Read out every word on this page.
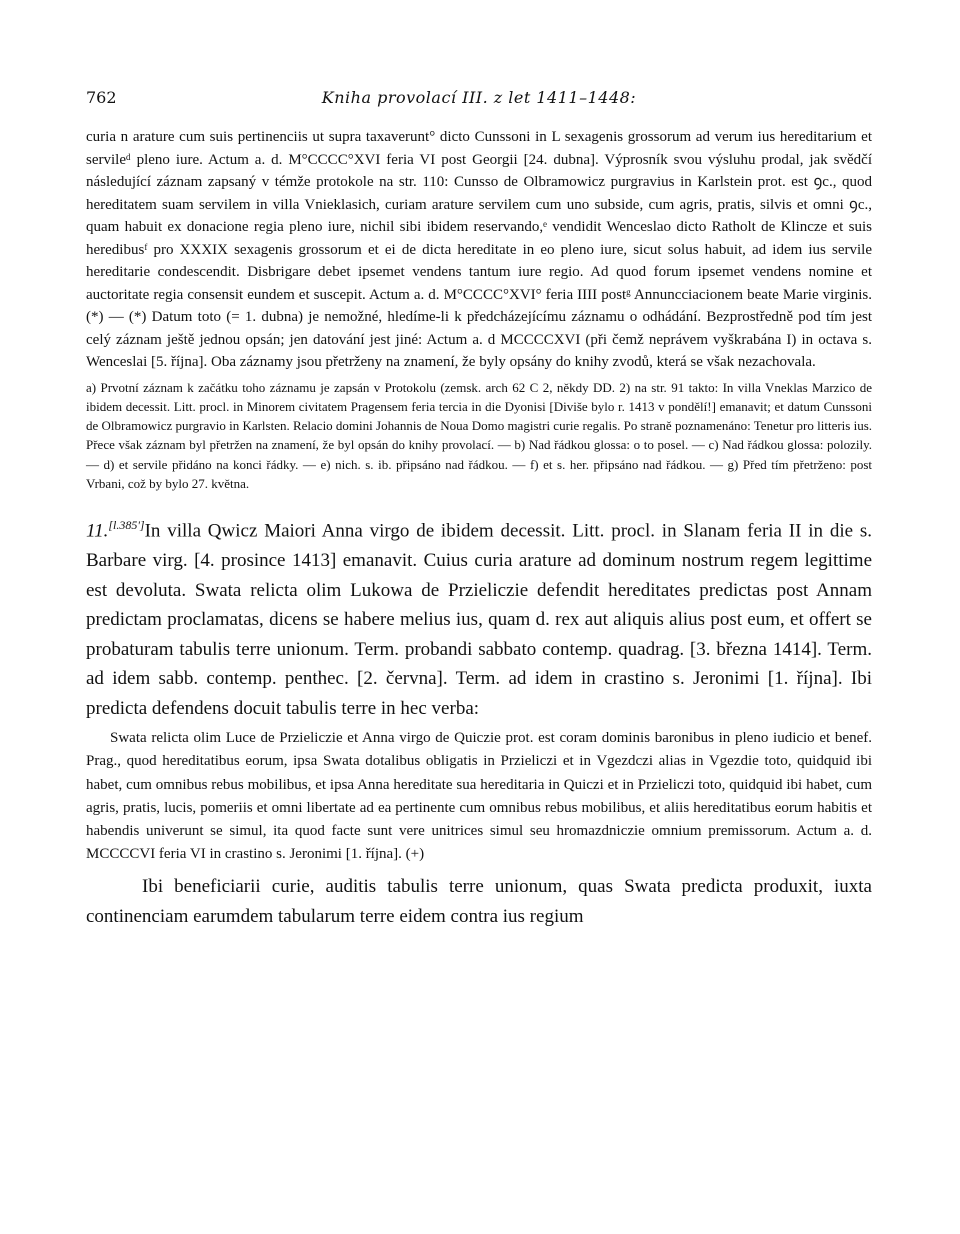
762	Kniha provolací III. z let 1411–1448:

curia n arature cum suis pertinenciis ut supra taxaverunt° dicto Cunssoni in L sexagenis grossorum ad verum ius hereditarium et servileᵈ pleno iure. Actum a. d. M°CCCC°XVI feria VI post Georgii [24. dubna]. Výprosník svou výsluhu prodal, jak svědčí následující záznam zapsaný v témže protokole na str. 110: Cunsso de Olbramowicz purgravius in Karlstein prot. est ꝯc., quod hereditatem suam servilem in villa Vnieklasich, curiam arature servilem cum uno subside, cum agris, pratis, silvis et omni ꝯc., quam habuit ex donacione regia pleno iure, nichil sibi ibidem reservando,ᵉ vendidit Wenceslao dicto Ratholt de Klincze et suis heredibusᶠ pro XXXIX sexagenis grossorum et ei de dicta hereditate in eo pleno iure, sicut solus habuit, ad idem ius servile hereditarie condescendit. Disbrigare debet ipsemet vendens tantum iure regio. Ad quod forum ipsemet vendens nomine et auctoritate regia consensit eundem et suscepit. Actum a. d. M°CCCC°XVI° feria IIII postᵍ Annuncciacionem beate Marie virginis.(*) — (*) Datum toto (= 1. dubna) je nemožné, hledíme-li k předcházejícímu záznamu o odhádání. Bezprostředně pod tím jest celý záznam ještě jednou opsán; jen datování jest jiné: Actum a. d MCCCCXVI (při čemž neprávem vyškrabána I) in octava s. Wenceslai [5. října]. Oba záznamy jsou přetrženy na znamení, že byly opsány do knihy zvodů, která se však nezachovala.

a) Prvotní záznam k začátku toho záznamu je zapsán v Protokolu (zemsk. arch 62 C 2, někdy DD. 2) na str. 91 takto: In villa Vneklas Marzico de ibidem decessit. Litt. procl. in Minorem civitatem Pragensem feria tercia in die Dyonisi [Diviše bylo r. 1413 v pondělí!] emanavit; et datum Cunssoni de Olbramowicz purgravio in Karlsten. Relacio domini Johannis de Noua Domo magistri curie regalis. Po straně poznamenáno: Tenetur pro litteris ius. Přece však záznam byl přetržen na znamení, že byl opsán do knihy provolací. — b) Nad řádkou glossa: o to posel. — c) Nad řádkou glossa: polozily. — d) et servile přidáno na konci řádky. — e) nich. s. ib. připsáno nad řádkou. — f) et s. her. připsáno nad řádkou. — g) Před tím přetrženo: post Vrbani, což by bylo 27. května.

11.[l.385']In villa Qwicz Maiori Anna virgo de ibidem decessit. Litt. procl. in Slanam feria II in die s. Barbare virg. [4. prosince 1413] emanavit. Cuius curia arature ad dominum nostrum regem legittime est devoluta. Swata relicta olim Lukowa de Przieliczie defendit hereditates predictas post Annam predictam proclamatas, dicens se habere melius ius, quam d. rex aut aliquis alius post eum, et offert se probaturam tabulis terre unionum. Term. probandi sabbato contemp. quadrag. [3. března 1414]. Term. ad idem sabb. contemp. penthec. [2. června]. Term. ad idem in crastino s. Jeronimi [1. října]. Ibi predicta defendens docuit tabulis terre in hec verba:

Swata relicta olim Luce de Przieliczie et Anna virgo de Quiczie prot. est coram dominis baronibus in pleno iudicio et benef. Prag., quod hereditatibus eorum, ipsa Swata dotalibus obligatis in Przieliczi et in Vgezdczi alias in Vgezdie toto, quidquid ibi habet, cum omnibus rebus mobilibus, et ipsa Anna hereditate sua hereditaria in Quiczi et in Przieliczi toto, quidquid ibi habet, cum agris, pratis, lucis, pomeriis et omni libertate ad ea pertinente cum omnibus rebus mobilibus, et aliis hereditatibus eorum habitis et habendis univerunt se simul, ita quod facte sunt vere unitrices simul seu hromazdniczie omnium premissorum. Actum a. d. MCCCCVI feria VI in crastino s. Jeronimi [1. října]. (+)

Ibi beneficiarii curie, auditis tabulis terre unionum, quas Swata predicta produxit, iuxta continenciam earumdem tabularum terre eidem contra ius regium
